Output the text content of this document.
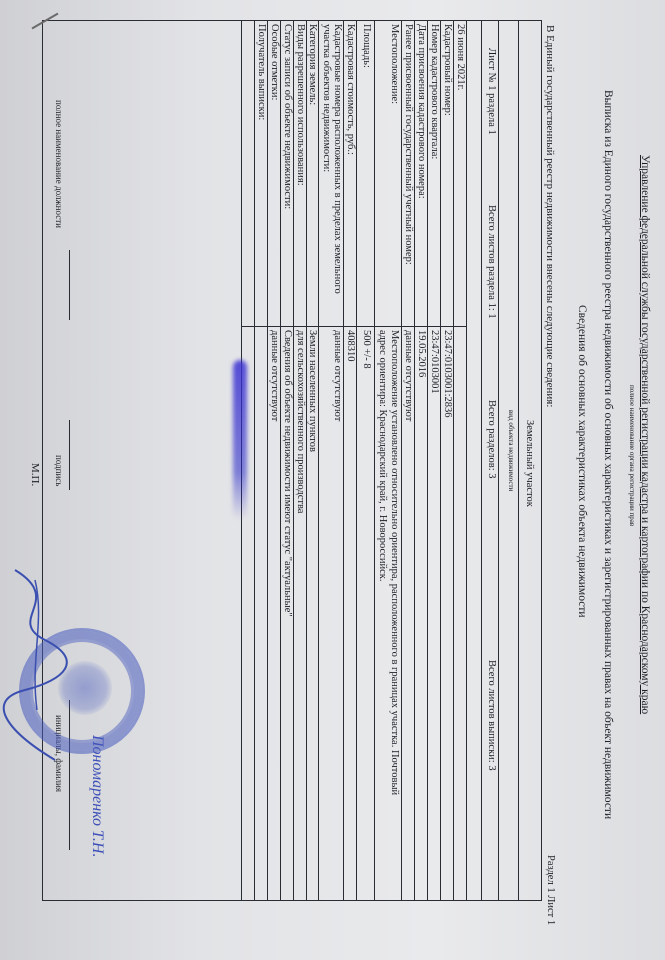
Управление федеральной службы государственной регистрации кадастра и картографии по Краснодарскому краю
полное наименование органа регистрации прав
Выписка из Единого государственного реестра недвижимости об основных характеристиках и зарегистрированных правах на объект недвижимости
Сведения об основных характеристиках объекта недвижимости
Раздел 1 Лист 1
В Единый государственный реестр недвижимости внесены следующие сведения:
Земельный участок
вид объекта недвижимости
Лист № 1 раздела 1
Всего листов раздела 1: 1
Всего разделов: 3
Всего листов выписки: 3
26 июня 2021г.
Кадастровый номер:
Номер кадастрового квартала:
Дата присвоения кадастрового номера:
Ранее присвоенный государственный учетный номер:
Местоположение:
Площадь:
Кадастровая стоимость, руб.:
Кадастровые номера расположенных в пределах земельного
участка объектов недвижимости:
Категория земель:
Виды разрешенного использования:
Статус записи об объекте недвижимости:
Особые отметки:
Получатель выписки:
23:47:0103001:2836
23:47:0103001
19.05.2016
данные отсутствуют
Местоположение установлено относительно ориентира, расположенного в границах участка. Почтовый
адрес ориентира: Краснодарский край, г. Новороссийск.
500 +/- 8
408310
данные отсутствуют
Земли населенных пунктов
для сельскохозяйственного производства
Сведения об объекте недвижимости имеют статус "актуальные"
данные отсутствуют
полное наименование должности
подпись
инициалы, фамилия
М.П.
Пономаренко Т.Н.
